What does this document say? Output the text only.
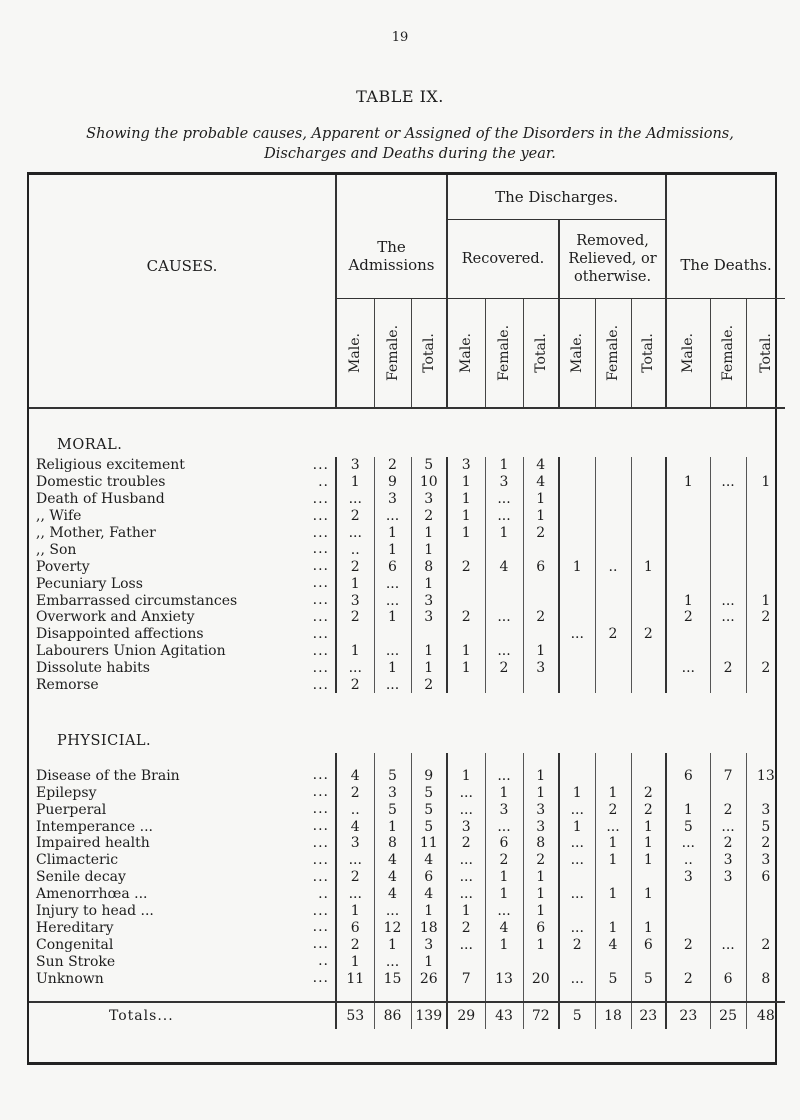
19
TABLE IX.
Showing the probable causes, Apparent or Assigned of the Disorders in the Admissions, Discharges and Deaths during the year.
CAUSES.	The Admissions			The Discharges.						The Deaths.		
				Recovered.			Removed, Relieved, or otherwise.					

	Male.	Female.	Total.	Male.	Female.	Total.	Male.	Female.	Total.	Male.	Female.	Total.

MORAL.												
Religious excitement ...	3	2	5	3	1	4						
Domestic troubles ..	1	9	10	1	3	4				1	...	1
Death of Husband ...	...	3	3	1	...	1						
,, Wife ...	2	...	2	1	...	1						
,, Mother, Father ...	...	1	1	1	1	2						
,, Son ...	..	1	1									
Poverty ...	2	6	8	2	4	6	1	..	1			
Pecuniary Loss ...	1	...	1									
Embarrassed circumstances ...	3	...	3							1	...	1
Overwork and Anxiety ...	2	1	3	2	...	2				2	...	2
Disappointed affections ...							...	2	2			
Labourers Union Agitation ...	1	...	1	1	...	1						
Dissolute habits ...	...	1	1	1	2	3				...	2	2
Remorse ...	2	...	2									
PHYSICIAL.												

Disease of the Brain ...	4	5	9	1	...	1				6	7	13
Epilepsy ...	2	3	5	...	1	1	1	1	2			
Puerperal ...	..	5	5	...	3	3	...	2	2	1	2	3
Intemperance ... ...	4	1	5	3	...	3	1	...	1	5	...	5
Impaired health ...	3	8	11	2	6	8	...	1	1	...	2	2
Climacteric ...	...	4	4	...	2	2	...	1	1	..	3	3
Senile decay ...	2	4	6	...	1	1				3	3	6
Amenorrhœa ... ..	...	4	4	...	1	1	...	1	1			
Injury to head ... ...	1	...	1	1	...	1						
Hereditary ...	6	12	18	2	4	6	...	1	1			
Congenital ...	2	1	3	...	1	1	2	4	6	2	...	2
Sun Stroke ..	1	...	1									
Unknown ...	11	15	26	7	13	20	...	5	5	2	6	8

Totals...	53	86	139	29	43	72	5	18	23	23	25	48
